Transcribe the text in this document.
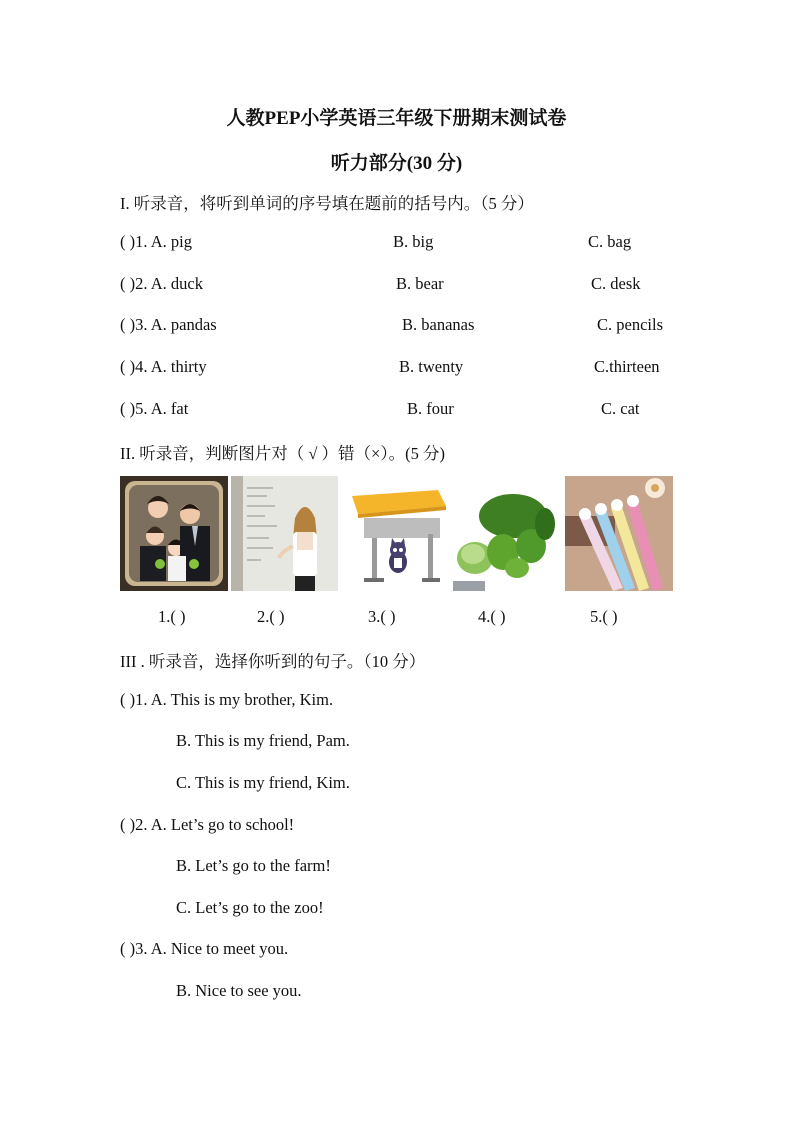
人教PEP小学英语三年级下册期末测试卷
听力部分(30 分)
I. 听录音，将听到单词的序号填在题前的括号内。（5 分）
( )1. A. pig	B. big	C. bag
( )2. A. duck	B. bear	C. desk
( )3. A. pandas	B. bananas	C. pencils
( )4. A. thirty	B. twenty	C.thirteen
( )5. A. fat	B. four	C. cat
II. 听录音，判断图片对（ √ ）错（×）。(5 分)
1.( )	2.( )	3.( )	4.( )	5.( )
III . 听录音，选择你听到的句子。（10 分）
( )1. A. This is my brother, Kim.
B. This is my friend, Pam.
C. This is my friend, Kim.
( )2. A. Let’s go to school!
B. Let’s go to the farm!
C. Let’s go to the zoo!
( )3. A. Nice to meet you.
B. Nice to see you.
